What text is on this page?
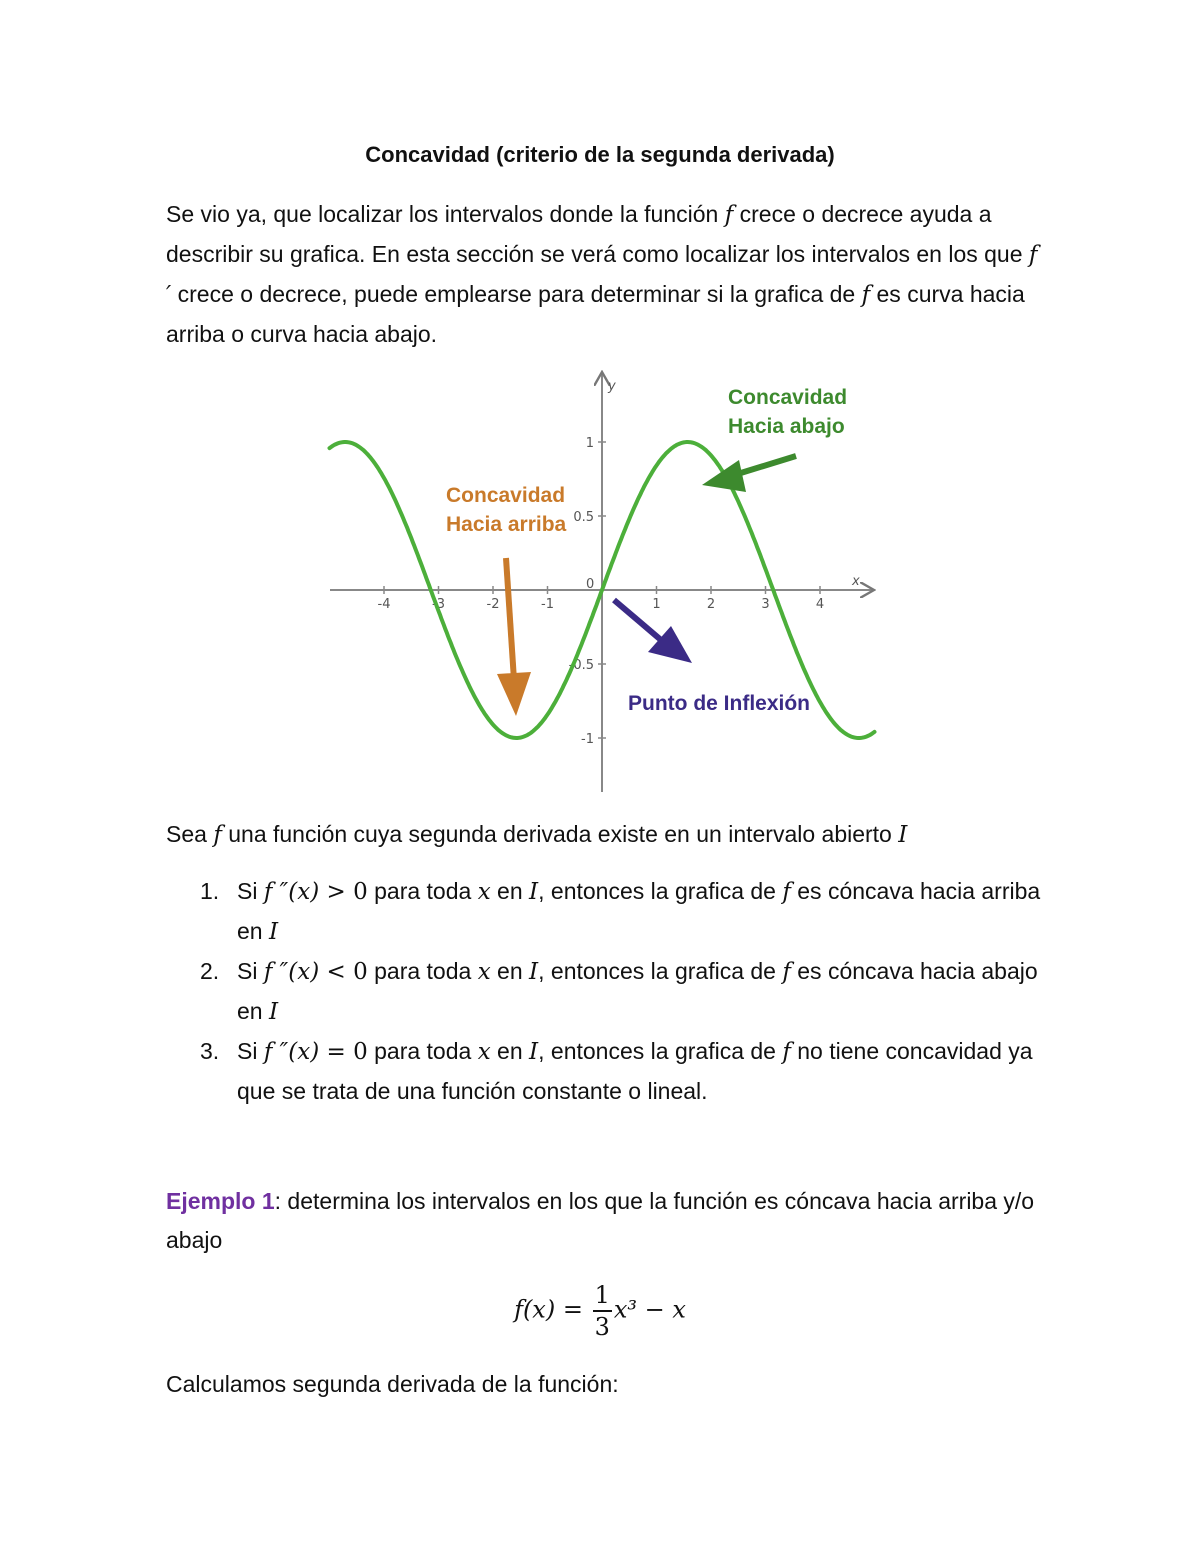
Concavidad (criterio de la segunda derivada)

Se vio ya, que localizar los intervalos donde la función f crece o decrece ayuda a describir su grafica. En esta sección se verá como localizar los intervalos en los que f ′ crece o decrece, puede emplearse para determinar si la grafica de f es curva hacia arriba o curva hacia abajo.

-4	-3	-2	-1	1	2	3	4
1
0.5
-0.5
-1
y
x
0
Concavidad
Hacia abajo
Concavidad
Hacia arriba
Punto de Inflexión

Sea f una función cuya segunda derivada existe en un intervalo abierto I

1. Si f ″(x) > 0 para toda x en I, entonces la grafica de f es cóncava hacia arriba en I
2. Si f ″(x) < 0 para toda x en I, entonces la grafica de f es cóncava hacia abajo en I
3. Si f ″(x) = 0 para toda x en I, entonces la grafica de f no tiene concavidad ya que se trata de una función constante o lineal.

Ejemplo 1: determina los intervalos en los que la función es cóncava hacia arriba y/o abajo

$f(x) = \frac{1}{3} x^3 - x$

Calculamos segunda derivada de la función:
